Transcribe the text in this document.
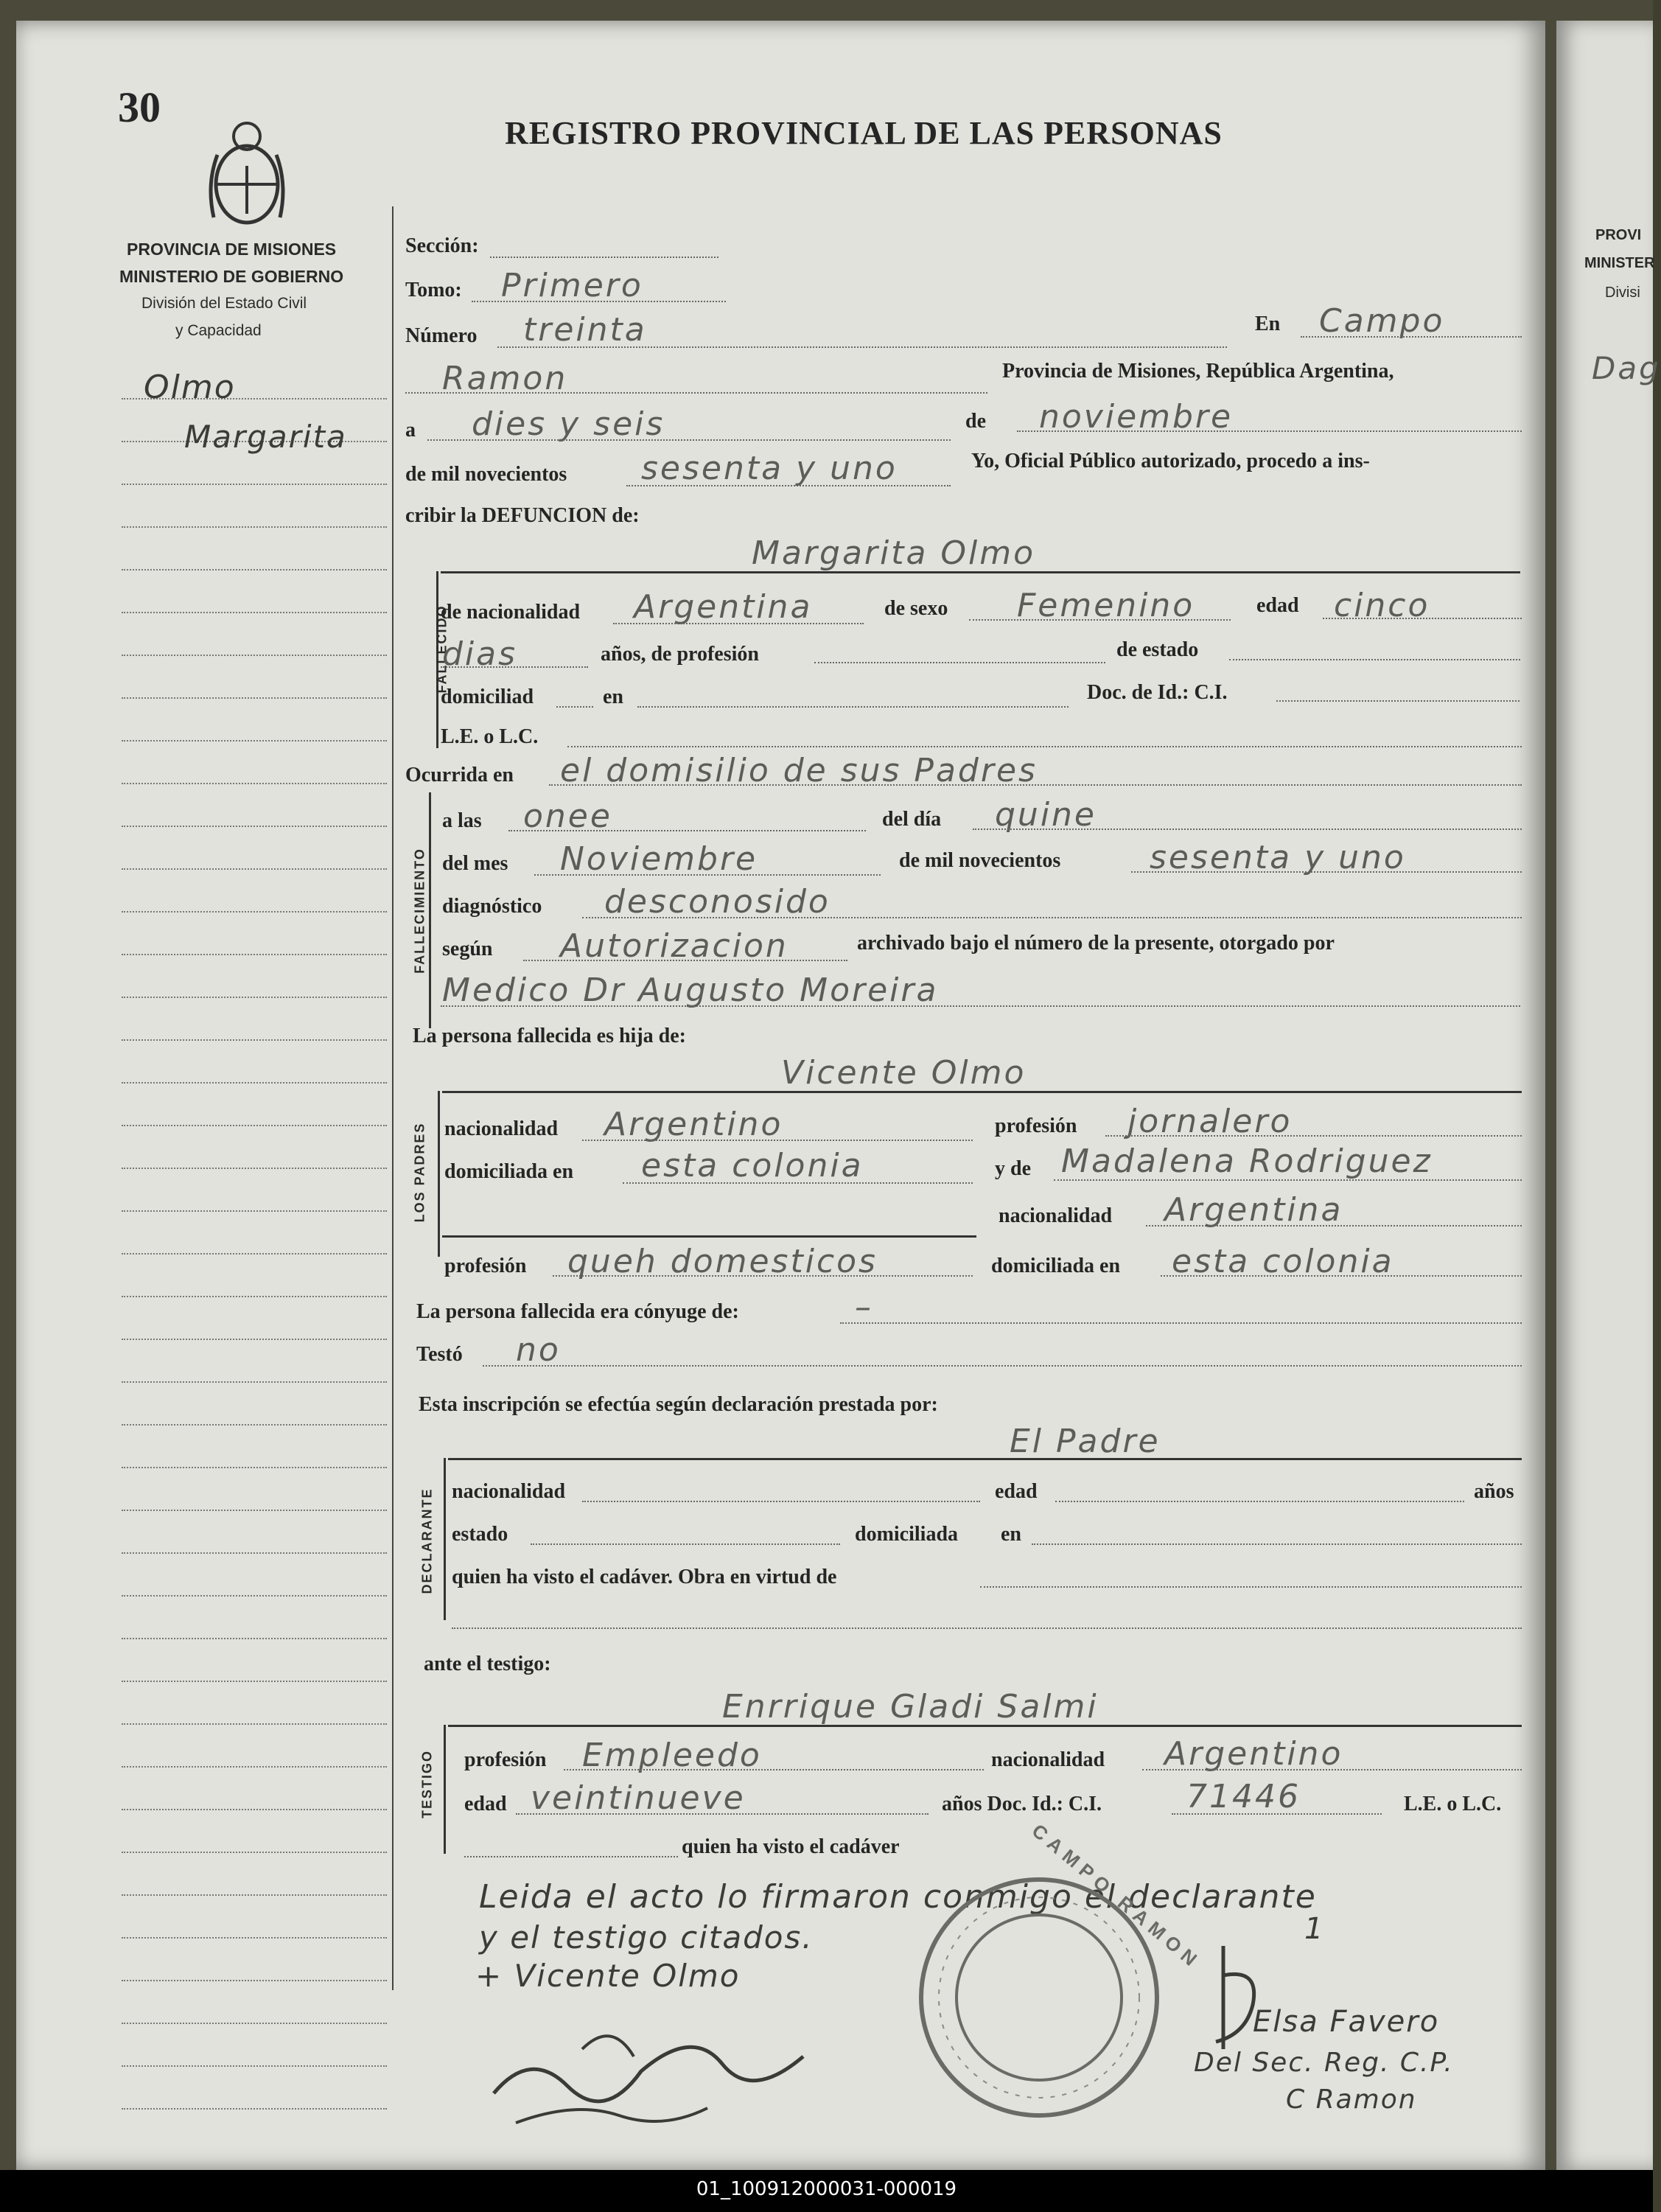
PROVI
MINISTER
Divisi
Dag
30
REGISTRO PROVINCIAL DE LAS PERSONAS
PROVINCIA DE MISIONES
MINISTERIO DE GOBIERNO
División del Estado Civil
y Capacidad
Olmo
Margarita
Sección:
Tomo: Primero
Número treinta	En Campo
Ramon	Provincia de Misiones, República Argentina,
a dies y seis	de noviembre
de mil novecientos sesenta y uno	Yo, Oficial Público autorizado, procedo a ins-
cribir la DEFUNCION de:
Margarita Olmo
FALLECIDO
de nacionalidad Argentina	de sexo Femenino	edad cinco
dias	años, de profesión	de estado
domiciliad	en	Doc. de Id.: C.I.
L.E. o L.C.
Ocurrida en el domisilio de sus Padres
FALLECIMIENTO
a las onee	del día quine
del mes Noviembre	de mil novecientos	sesenta y uno
diagnóstico desconosido
según Autorizacion	archivado bajo el número de la presente, otorgado por
Medico Dr Augusto Moreira
La persona fallecida es hija de:
Vicente Olmo
LOS PADRES nacionalidad Argentino	profesión jornalero
domiciliada en esta colonia	y de Madalena Rodriguez
nacionalidad Argentina
profesión queh domesticos	domiciliada en esta colonia
La persona fallecida era cónyuge de:	–
Testó no
Esta inscripción se efectúa según declaración prestada por:
El Padre
DECLARANTE nacionalidad	edad	años
estado	domiciliada en
quien ha visto el cadáver. Obra en virtud de
ante el testigo:
Enrrique Gladi Salmi
TESTIGO profesión Empleedo	nacionalidad Argentino
edad veintinueve	años Doc. Id.: C.I.	71446	L.E. o L.C.
quien ha visto el cadáver
Leida el acto lo firmaron conmigo el declarante
y el testigo citados.
+ Vicente Olmo
CAMPO RAMON	1
Elsa Favero
Del Sec. Reg. C.P.
C Ramon
01_100912000031-000019
